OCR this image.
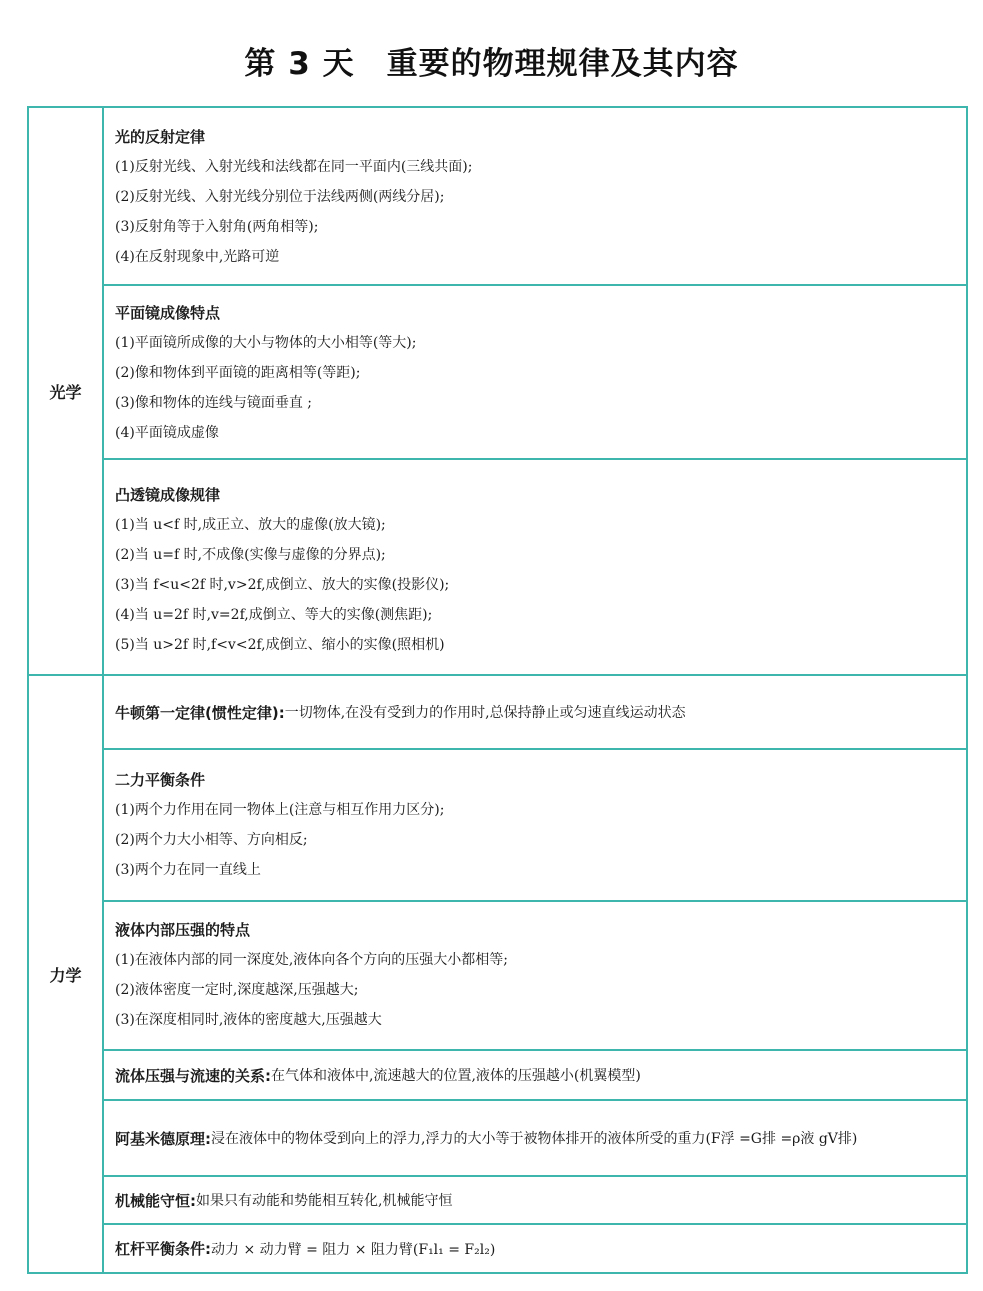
第 3 天　重要的物理规律及其内容
光学
力学
光的反射定律
(1)反射光线、入射光线和法线都在同一平面内(三线共面);
(2)反射光线、入射光线分别位于法线两侧(两线分居);
(3)反射角等于入射角(两角相等);
(4)在反射现象中,光路可逆
平面镜成像特点
(1)平面镜所成像的大小与物体的大小相等(等大);
(2)像和物体到平面镜的距离相等(等距);
(3)像和物体的连线与镜面垂直 ;
(4)平面镜成虚像
凸透镜成像规律
(1)当 u<f 时,成正立、放大的虚像(放大镜);
(2)当 u=f 时,不成像(实像与虚像的分界点);
(3)当 f<u<2f 时,v>2f,成倒立、放大的实像(投影仪);
(4)当 u=2f 时,v=2f,成倒立、等大的实像(测焦距);
(5)当 u>2f 时,f<v<2f,成倒立、缩小的实像(照相机)
牛顿第一定律(惯性定律): 一切物体,在没有受到力的作用时,总保持静止或匀速直线运动状态
二力平衡条件
(1)两个力作用在同一物体上(注意与相互作用力区分);
(2)两个力大小相等、方向相反;
(3)两个力在同一直线上
液体内部压强的特点
(1)在液体内部的同一深度处,液体向各个方向的压强大小都相等;
(2)液体密度一定时,深度越深,压强越大;
(3)在深度相同时,液体的密度越大,压强越大
流体压强与流速的关系: 在气体和液体中,流速越大的位置,液体的压强越小(机翼模型)
阿基米德原理: 浸在液体中的物体受到向上的浮力,浮力的大小等于被物体排开的液体所受的重力(F浮 =G排 =ρ液 gV排)
机械能守恒: 如果只有动能和势能相互转化,机械能守恒
杠杆平衡条件: 动力 × 动力臂 = 阻力 × 阻力臂(F₁l₁ = F₂l₂)
